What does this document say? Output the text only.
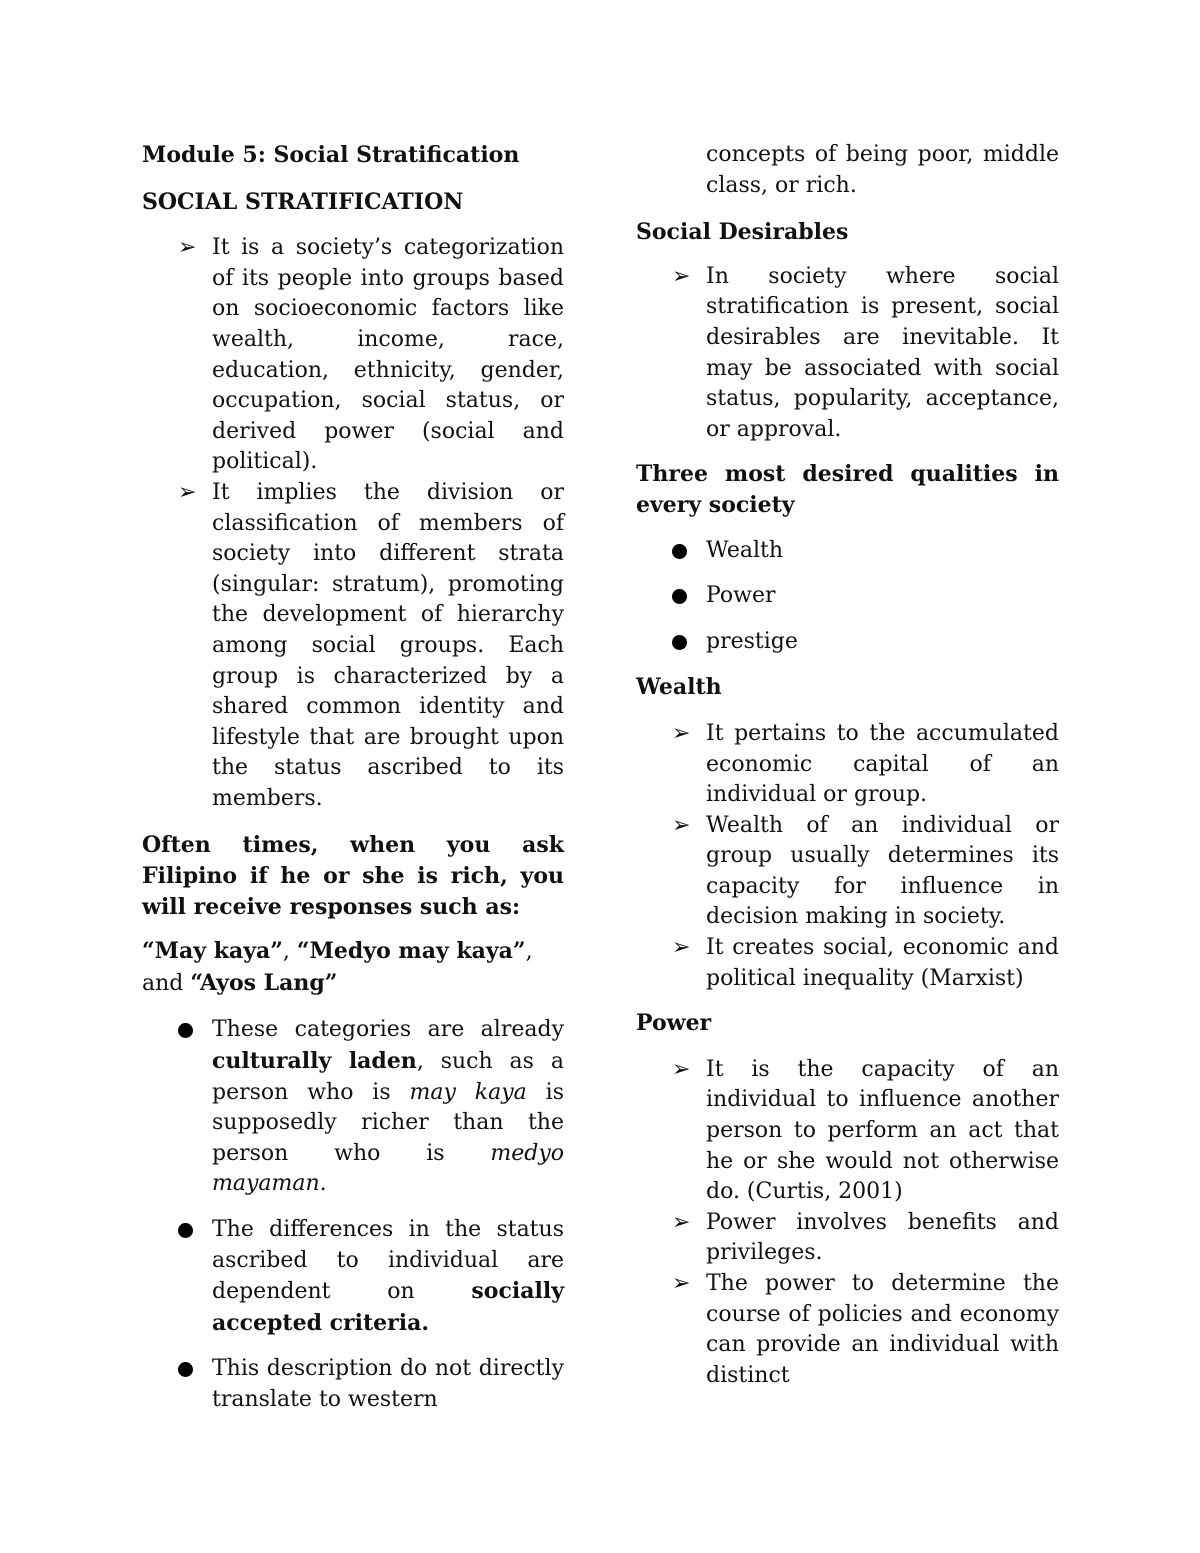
Module 5: Social Stratification
SOCIAL STRATIFICATION
➢ It is a society’s categorization of its people into groups based on socioeconomic factors like wealth, income, race, education, ethnicity, gender, occupation, social status, or derived power (social and political).
➢ It implies the division or classification of members of society into different strata (singular: stratum), promoting the development of hierarchy among social groups. Each group is characterized by a shared common identity and lifestyle that are brought upon the status ascribed to its members.
Often times, when you ask Filipino if he or she is rich, you will receive responses such as:
“May kaya”, “Medyo may kaya”, and “Ayos Lang”
These categories are already culturally laden, such as a person who is may kaya is supposedly richer than the person who is medyo mayaman.
The differences in the status ascribed to individual are dependent on socially accepted criteria.
This description do not directly translate to western
concepts of being poor, middle class, or rich.
Social Desirables
➢ In society where social stratification is present, social desirables are inevitable. It may be associated with social status, popularity, acceptance, or approval.
Three most desired qualities in every society
Wealth
Power
prestige
Wealth
➢ It pertains to the accumulated economic capital of an individual or group.
➢ Wealth of an individual or group usually determines its capacity for influence in decision making in society.
➢ It creates social, economic and political inequality (Marxist)
Power
➢ It is the capacity of an individual to influence another person to perform an act that he or she would not otherwise do. (Curtis, 2001)
➢ Power involves benefits and privileges.
➢ The power to determine the course of policies and economy can provide an individual with distinct
